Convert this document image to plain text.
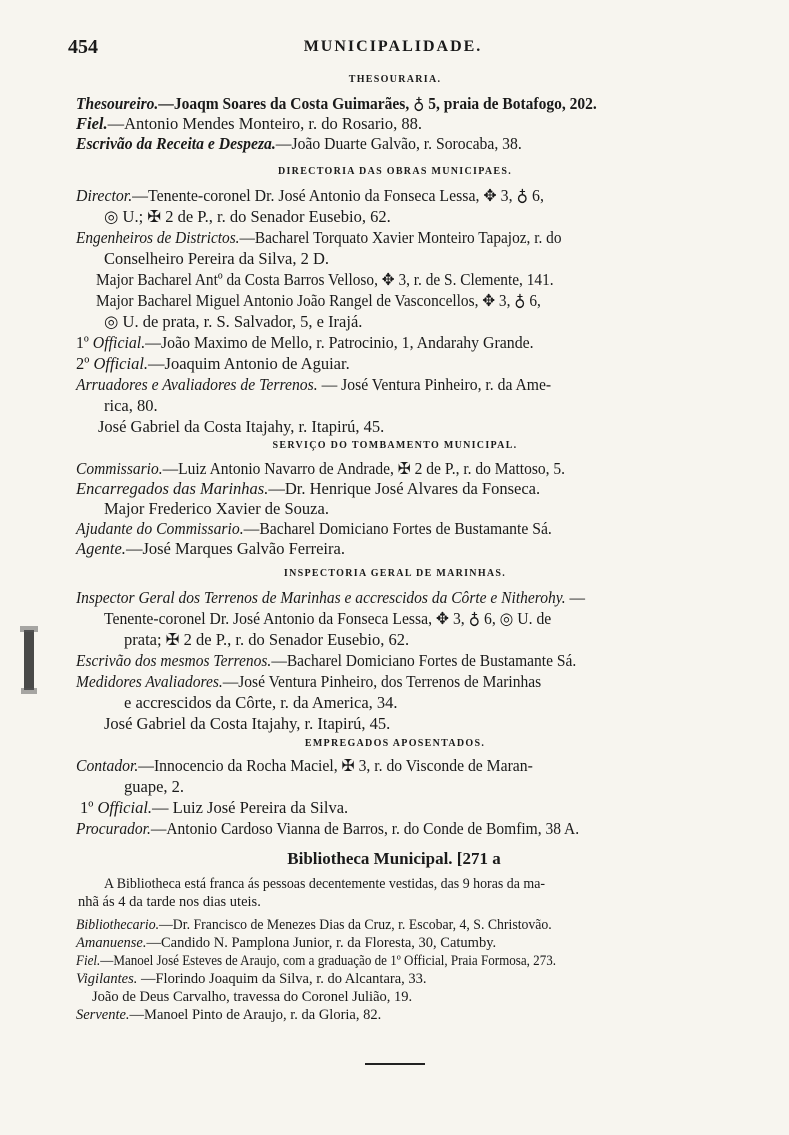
454	MUNICIPALIDADE.
THESOURARIA.
Thesoureiro.—Joaqm Soares da Costa Guimarães, ♁ 5, praia de Botafogo, 202.
Fiel.—Antonio Mendes Monteiro, r. do Rosario, 88.
Escrivão da Receita e Despeza.—João Duarte Galvão, r. Sorocaba, 38.
DIRECTORIA DAS OBRAS MUNICIPAES.
Director.—Tenente-coronel Dr. José Antonio da Fonseca Lessa, ✥ 3, ♁ 6,
◎ U.; ✠ 2 de P., r. do Senador Eusebio, 62.
Engenheiros de Districtos.—Bacharel Torquato Xavier Monteiro Tapajoz, r. do
Conselheiro Pereira da Silva, 2 D.
Major Bacharel Antº da Costa Barros Velloso, ✥ 3, r. de S. Clemente, 141.
Major Bacharel Miguel Antonio João Rangel de Vasconcellos, ✥ 3, ♁ 6,
◎ U. de prata, r. S. Salvador, 5, e Irajá.
1º Official.—João Maximo de Mello, r. Patrocinio, 1, Andarahy Grande.
2º Official.—Joaquim Antonio de Aguiar.
Arruadores e Avaliadores de Terrenos. — José Ventura Pinheiro, r. da Ame-
rica, 80.
José Gabriel da Costa Itajahy, r. Itapirú, 45.
SERVIÇO DO TOMBAMENTO MUNICIPAL.
Commissario.—Luiz Antonio Navarro de Andrade, ✠ 2 de P., r. do Mattoso, 5.
Encarregados das Marinhas.—Dr. Henrique José Alvares da Fonseca.
Major Frederico Xavier de Souza.
Ajudante do Commissario.—Bacharel Domiciano Fortes de Bustamante Sá.
Agente.—José Marques Galvão Ferreira.
INSPECTORIA GERAL DE MARINHAS.
Inspector Geral dos Terrenos de Marinhas e accrescidos da Côrte e Nitherohy. —
Tenente-coronel Dr. José Antonio da Fonseca Lessa, ✥ 3, ♁ 6, ◎ U. de
prata; ✠ 2 de P., r. do Senador Eusebio, 62.
Escrivão dos mesmos Terrenos.—Bacharel Domiciano Fortes de Bustamante Sá.
Medidores Avaliadores.—José Ventura Pinheiro, dos Terrenos de Marinhas
e accrescidos da Côrte, r. da America, 34.
José Gabriel da Costa Itajahy, r. Itapirú, 45.
EMPREGADOS APOSENTADOS.
Contador.—Innocencio da Rocha Maciel, ✠ 3, r. do Visconde de Maran-
guape, 2.
1º Official.— Luiz José Pereira da Silva.
Procurador.—Antonio Cardoso Vianna de Barros, r. do Conde de Bomfim, 38 A.
Bibliotheca Municipal. [271 a
A Bibliotheca está franca ás pessoas decentemente vestidas, das 9 horas da ma-
nhã ás 4 da tarde nos dias uteis.
Bibliothecario.—Dr. Francisco de Menezes Dias da Cruz, r. Escobar, 4, S. Christovão.
Amanuense.—Candido N. Pamplona Junior, r. da Floresta, 30, Catumby.
Fiel.—Manoel José Esteves de Araujo, com a graduação de 1º Official, Praia Formosa, 273.
Vigilantes. —Florindo Joaquim da Silva, r. do Alcantara, 33.
João de Deus Carvalho, travessa do Coronel Julião, 19.
Servente.—Manoel Pinto de Araujo, r. da Gloria, 82.
